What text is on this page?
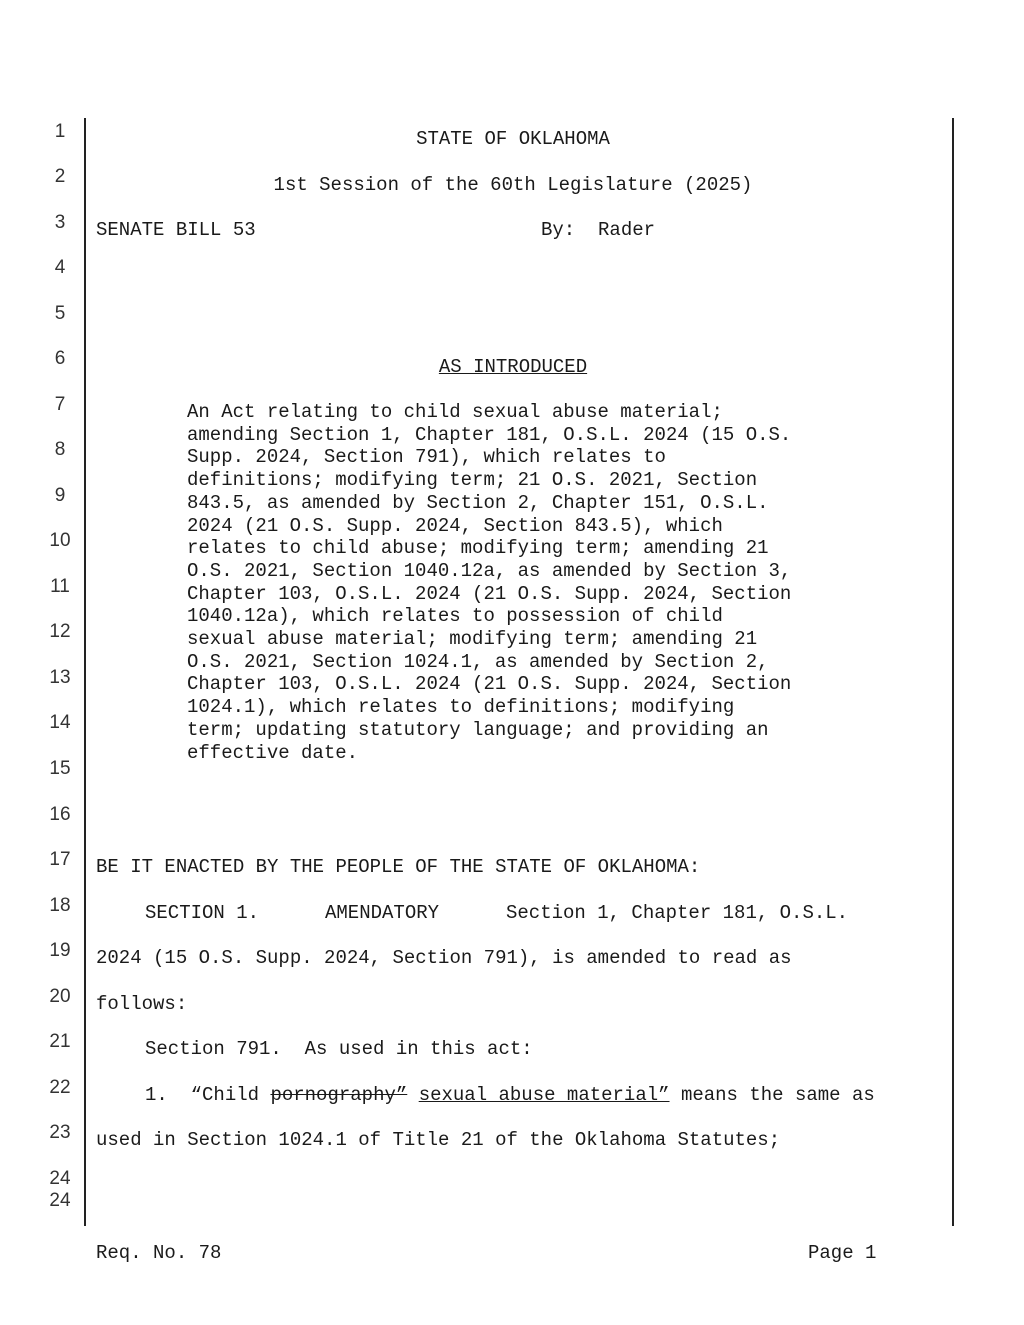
1
2
3
4
5
6
7
8
9
10
11
12
13
14
15
16
17
18
19
20
21
22
23
24
24
STATE OF OKLAHOMA
1st Session of the 60th Legislature (2025)
SENATE BILL 53	By:  Rader
AS INTRODUCED
An Act relating to child sexual abuse material;
amending Section 1, Chapter 181, O.S.L. 2024 (15 O.S.
Supp. 2024, Section 791), which relates to
definitions; modifying term; 21 O.S. 2021, Section
843.5, as amended by Section 2, Chapter 151, O.S.L.
2024 (21 O.S. Supp. 2024, Section 843.5), which
relates to child abuse; modifying term; amending 21
O.S. 2021, Section 1040.12a, as amended by Section 3,
Chapter 103, O.S.L. 2024 (21 O.S. Supp. 2024, Section
1040.12a), which relates to possession of child
sexual abuse material; modifying term; amending 21
O.S. 2021, Section 1024.1, as amended by Section 2,
Chapter 103, O.S.L. 2024 (21 O.S. Supp. 2024, Section
1024.1), which relates to definitions; modifying
term; updating statutory language; and providing an
effective date.
BE IT ENACTED BY THE PEOPLE OF THE STATE OF OKLAHOMA:
SECTION 1.	AMENDATORY	Section 1, Chapter 181, O.S.L.
2024 (15 O.S. Supp. 2024, Section 791), is amended to read as
follows:
Section 791.  As used in this act:
1. “Child pornography” sexual abuse material” means the same as
used in Section 1024.1 of Title 21 of the Oklahoma Statutes;
Req. No. 78	Page 1
